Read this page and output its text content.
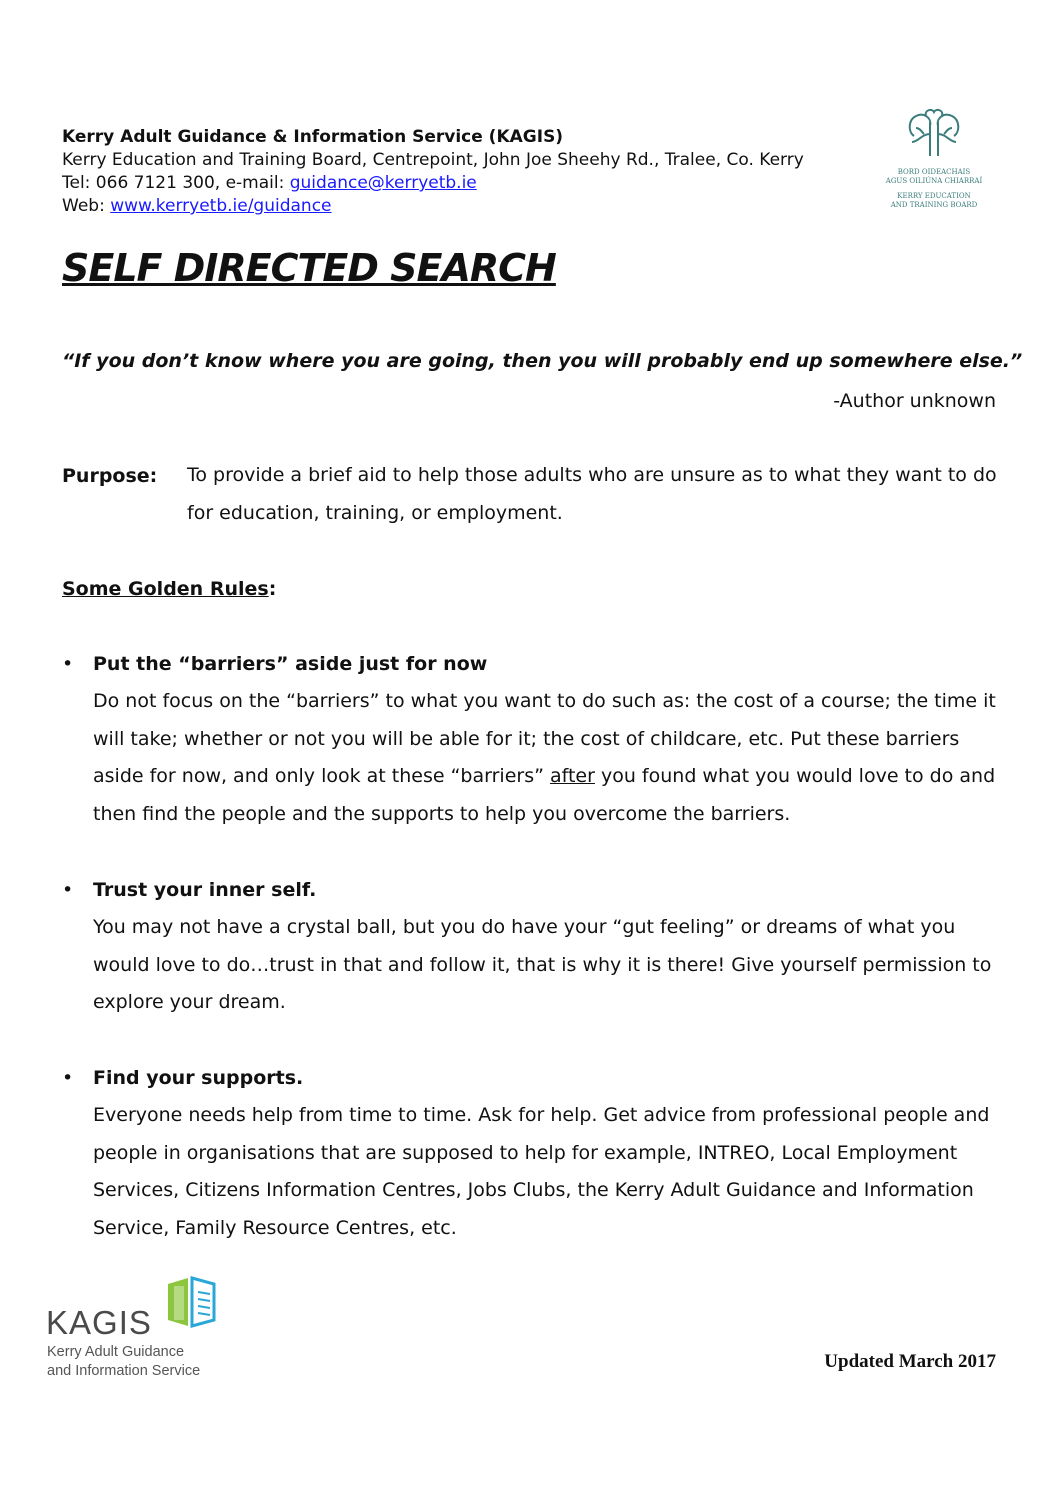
Kerry Adult Guidance & Information Service (KAGIS)
Kerry Education and Training Board, Centrepoint, John Joe Sheehy Rd., Tralee, Co. Kerry
Tel: 066 7121 300, e-mail: guidance@kerryetb.ie
Web: www.kerryetb.ie/guidance
BORD OIDEACHAIS
AGUS OILIÚNA CHIARRAÍ
KERRY EDUCATION
AND TRAINING BOARD
SELF DIRECTED SEARCH
“If you don’t know where you are going, then you will probably end up somewhere else.”
-Author unknown
Purpose: To provide a brief aid to help those adults who are unsure as to what they want to do for education, training, or employment.
Some Golden Rules:
•	Put the “barriers” aside just for now
Do not focus on the “barriers” to what you want to do such as: the cost of a course; the time it will take; whether or not you will be able for it; the cost of childcare, etc. Put these barriers aside for now, and only look at these “barriers” after you found what you would love to do and then find the people and the supports to help you overcome the barriers.
•	Trust your inner self.
You may not have a crystal ball, but you do have your “gut feeling” or dreams of what you would love to do…trust in that and follow it, that is why it is there! Give yourself permission to explore your dream.
•	Find your supports.
Everyone needs help from time to time. Ask for help. Get advice from professional people and people in organisations that are supposed to help for example, INTREO, Local Employment Services, Citizens Information Centres, Jobs Clubs, the Kerry Adult Guidance and Information Service, Family Resource Centres, etc.
KAGIS
Kerry Adult Guidance
and Information Service	Updated March 2017
